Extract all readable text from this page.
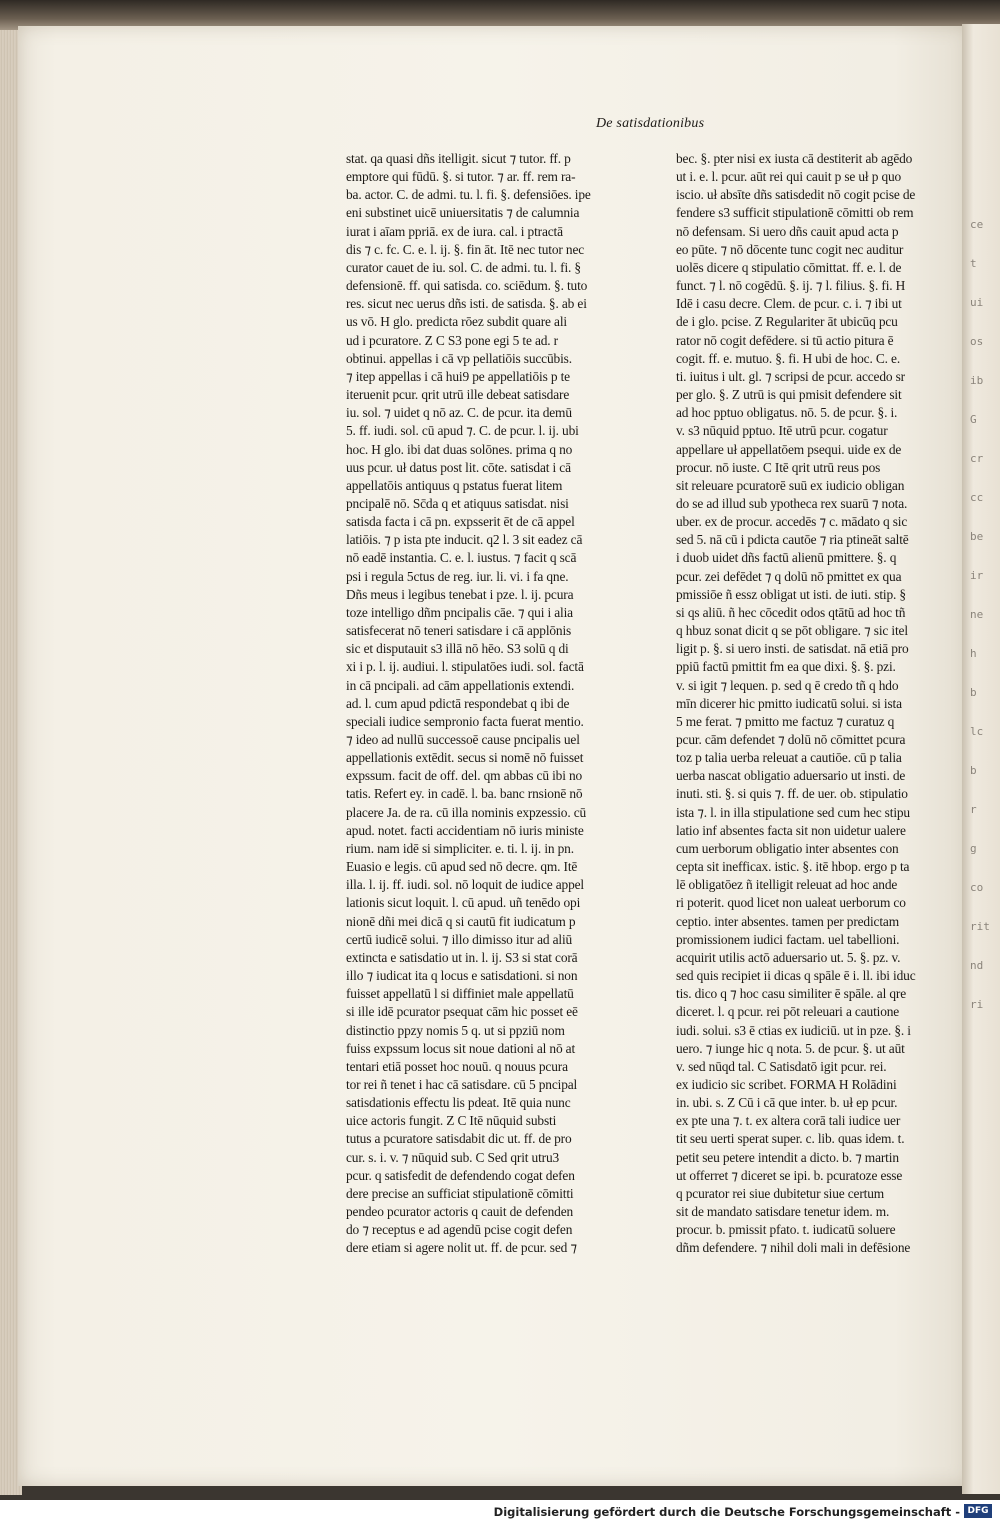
ce
t
ui
os
ib
G
cr
cc
be
ir
ne
h
b
lc
b
r
g
co
rit
nd
ri
De satisdationibus
stat. qa quasi dñs itelligit. sicut ⁊ tutor. ff. p
emptore qui fūdū. §. si tutor. ⁊ ar. ff. rem ra-
ba. actor. C. de admi. tu. l. fi. §. defensiōes. ipe
eni substinet uicē uniuersitatis ⁊ de calumnia
iurat i aīam ppriā. ex de iura. cal. i ptractā
dis ⁊ c. fc. C. e. l. ij. §. fin āt. Itē nec tutor nec
curator cauet de iu. sol. C. de admi. tu. l. fi. §
defensionē. ff. qui satisda. co. sciēdum. §. tuto
res. sicut nec uerus dñs isti. de satisda. §. ab ei
us vō. H glo. predicta rōez subdit quare ali
ud i pcuratore. Z C S3 pone egi 5 te ad. r
obtinui. appellas i cā vp pellatiōis succūbis.
⁊ itep appellas i cā hui9 pe appellatiōis p te
iteruenit pcur. qrit utrū ille debeat satisdare
iu. sol. ⁊ uidet q nō az. C. de pcur. ita demū
5. ff. iudi. sol. cū apud ⁊. C. de pcur. l. ij. ubi
hoc. H glo. ibi dat duas solōnes. prima q no
uus pcur. uł datus post lit. cōte. satisdat i cā
appellatōis antiquus q pstatus fuerat litem
pncipalē nō. Sc̄da q et atiquus satisdat. nisi
satisda facta i cā pn. expsserit ēt de cā appel
latiōis. ⁊ p ista pte inducit. q2 l. 3 sit eadez cā
nō eadē instantia. C. e. l. iustus. ⁊ facit q scā
psi i regula 5ctus de reg. iur. li. vi. i fa qne.
Dñs meus i legibus tenebat i pze. l. ij. pcura
toze intelligo dñm pncipalis cāe. ⁊ qui i alia
satisfecerat nō teneri satisdare i cā applōnis
sic et disputauit s3 illā nō hēo. S3 solū q di
xi i p. l. ij. audiui. l. stipulatōes iudi. sol. factā
in cā pncipali. ad cām appellationis extendi.
ad. l. cum apud pdictā respondebat q ibi de
speciali iudice sempronio facta fuerat mentio.
⁊ ideo ad nullū successoē cause pncipalis uel
appellationis extēdit. secus si nomē nō fuisset
expssum. facit de off. del. qm abbas cū ibi no
tatis. Refert ey. in cadē. l. ba. banc rnsionē nō
placere Ja. de ra. cū illa nominis expzessio. cū
apud. notet. facti accidentiam nō iuris ministe
rium. nam idē si simpliciter. e. ti. l. ij. in pn.
Euasio e legis. cū apud sed nō decre. qm. Itē
illa. l. ij. ff. iudi. sol. nō loquit de iudice appel
lationis sicut loquit. l. cū apud. uñ tenēdo opi
nionē dñi mei dicā q si cautū fit iudicatum p
certū iudicē solui. ⁊ illo dimisso itur ad aliū
extincta e satisdatio ut in. l. ij. S3 si stat corā
illo ⁊ iudicat ita q locus e satisdationi. si non
fuisset appellatū l si diffiniet male appellatū
si ille idē pcurator psequat cām hic posset eē
distinctio ppzy nomis 5 q. ut si ppziū nom
fuiss expssum locus sit noue dationi al nō at
tentari etiā posset hoc nouū. q nouus pcura
tor rei ñ tenet i hac cā satisdare. cū 5 pncipal
satisdationis effectu lis pdeat. Itē quia nunc
uice actoris fungit. Z C Itē nūquid substi
tutus a pcuratore satisdabit dic ut. ff. de pro
cur. s. i. v. ⁊ nūquid sub. C Sed qrit utru3
pcur. q satisfedit de defendendo cogat defen
dere precise an sufficiat stipulationē cōmitti
pendeo pcurator actoris q cauit de defenden
do ⁊ receptus e ad agendū pcise cogit defen
dere etiam si agere nolit ut. ff. de pcur. sed ⁊
bec. §. pter nisi ex iusta cā destiterit ab agēdo
ut i. e. l. pcur. aūt rei qui cauit p se uł p quo
iscio. uł absīte dñs satisdedit nō cogit pcise de
fendere s3 sufficit stipulationē cōmitti ob rem
nō defensam. Si uero dñs cauit apud acta p
eo pūte. ⁊ nō dōcente tunc cogit nec auditur
uolēs dicere q stipulatio cōmittat. ff. e. l. de
funct. ⁊ l. nō cogēdū. §. ij. ⁊ l. filius. §. fi. H
Idē i casu decre. Clem. de pcur. c. i. ⁊ ibi ut
de i glo. pcise. Z Regulariter āt ubicūq pcu
rator nō cogit defēdere. si tū actio pitura ē
cogit. ff. e. mutuo. §. fi. H ubi de hoc. C. e.
ti. iuitus i ult. gl. ⁊ scripsi de pcur. accedo sr
per glo. §. Z utrū is qui pmisit defendere sit
ad hoc pptuo obligatus. nō. 5. de pcur. §. i.
v. s3 nūquid pptuo. Itē utrū pcur. cogatur
appellare uł appellatōem psequi. uide ex de
procur. nō iuste. C Itē qrit utrū reus pos
sit releuare pcuratorē suū ex iudicio obligan
do se ad illud sub ypotheca rex suarū ⁊ nota.
uber. ex de procur. accedēs ⁊ c. mādato q sic
sed 5. nā cū i pdicta cautōe ⁊ ria ptineāt saltē
i duob uidet dñs factū alienū pmittere. §. q
pcur. zei defēdet ⁊ q dolū nō pmittet ex qua
pmissiōe ñ essz obligat ut isti. de iuti. stip. §
si qs aliū. ñ hec cōcedit odos qtātū ad hoc tñ
q hbuz sonat dicit q se pōt obligare. ⁊ sic itel
ligit p. §. si uero insti. de satisdat. nā etiā pro
ppiū factū pmittit fm ea que dixi. §. §. pzi.
v. si igit ⁊ lequen. p. sed q ē credo tñ q hdo
mīn dicerer hic pmitto iudicatū solui. si ista
5 me ferat. ⁊ pmitto me factuz ⁊ curatuz q
pcur. cām defendet ⁊ dolū nō cōmittet pcura
toz p talia uerba releuat a cautiōe. cū p talia
uerba nascat obligatio aduersario ut insti. de
inuti. sti. §. si quis ⁊. ff. de uer. ob. stipulatio
ista ⁊. l. in illa stipulatione sed cum hec stipu
latio inf absentes facta sit non uidetur ualere
cum uerborum obligatio inter absentes con
cepta sit inefficax. istic. §. itē hbop. ergo p ta
lē obligatōez ñ itelligit releuat ad hoc ande
ri poterit. quod licet non ualeat uerborum co
ceptio. inter absentes. tamen per predictam
promissionem iudici factam. uel tabellioni.
acquirit utilis actō aduersario ut. 5. §. pz. v.
sed quis recipiet ii dicas q spāle ē i. ll. ibi iduc
tis. dico q ⁊ hoc casu similiter ē spāle. al qre
diceret. l. q pcur. rei pōt releuari a cautione
iudi. solui. s3 ē ctias ex iudiciū. ut in pze. §. i
uero. ⁊ iunge hic q nota. 5. de pcur. §. ut aūt
v. sed nūqd tal. C Satisdatō igit pcur. rei.
ex iudicio sic scribet. FORMA H Rolādini
in. ubi. s. Z Cū i cā que inter. b. uł ep pcur.
ex pte una ⁊. t. ex altera corā tali iudice uer
tit seu uerti sperat super. c. lib. quas idem. t.
petit seu petere intendit a dicto. b. ⁊ martin
ut offerret ⁊ diceret se ipi. b. pcuratoze esse
q pcurator rei siue dubitetur siue certum
sit de mandato satisdare tenetur idem. m.
procur. b. pmissit pfato. t. iudicatū soluere
dñm defendere. ⁊ nihil doli mali in defēsione
Digitalisierung gefördert durch die Deutsche Forschungsgemeinschaft - DFG
